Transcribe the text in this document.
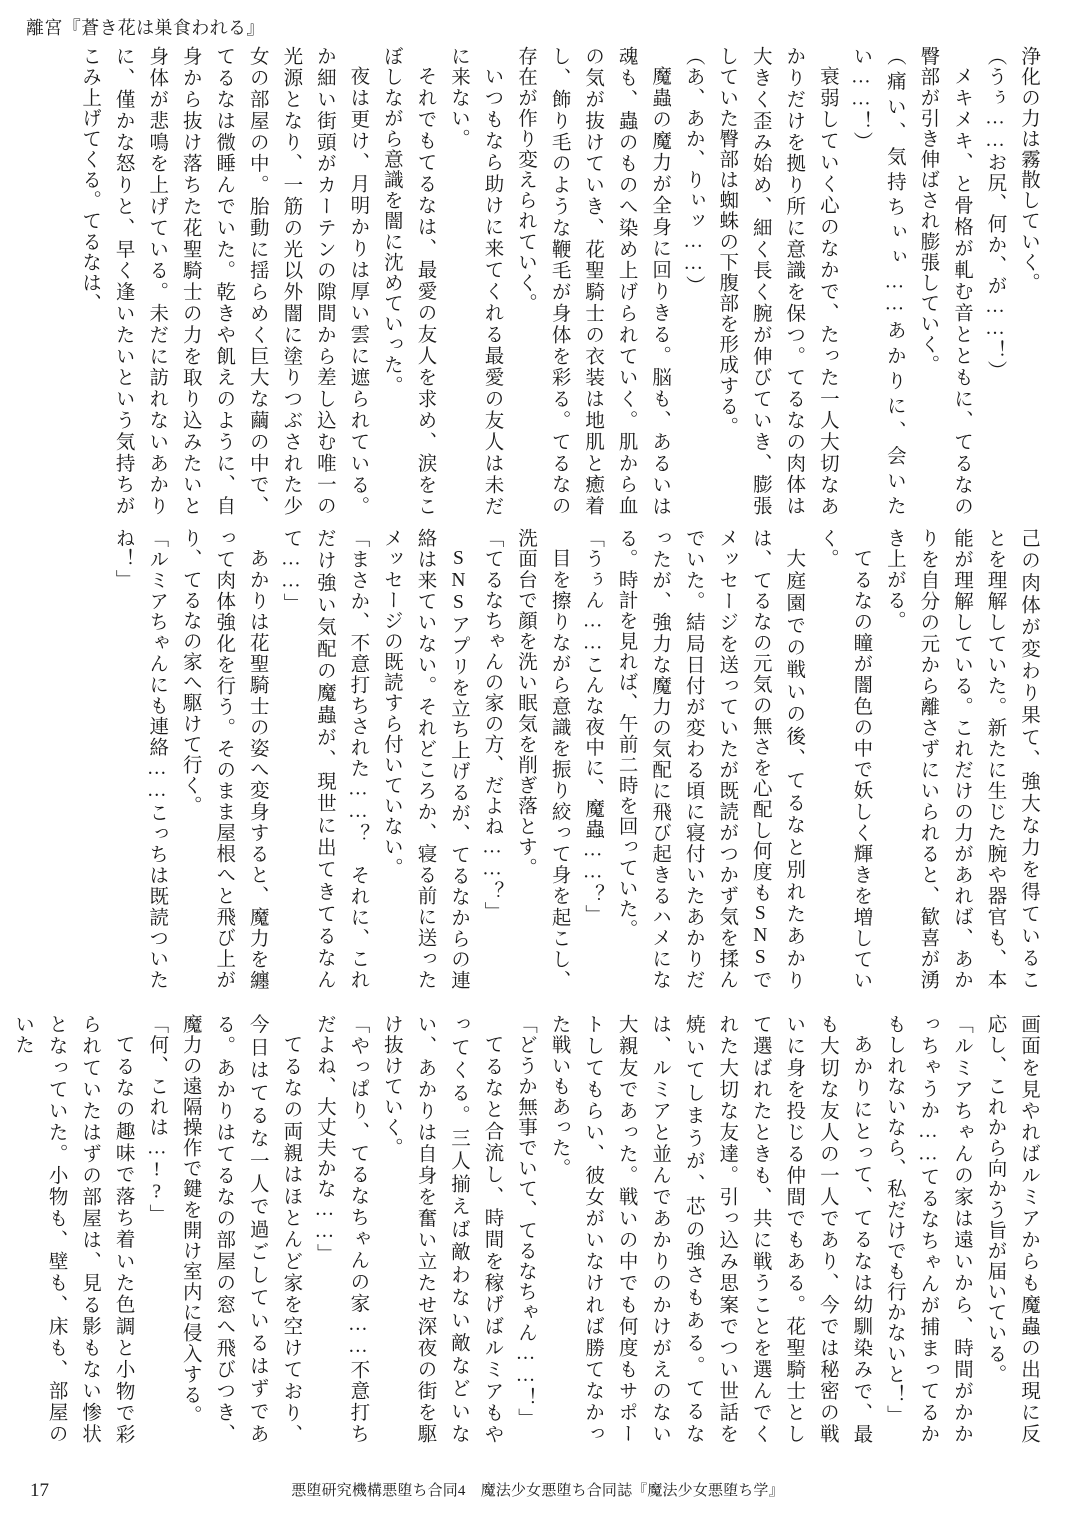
離宮『蒼き花は巣食われる』

浄化の力は霧散していく。

（うぅ……お尻、何か、が……！）

メキメキ、と骨格が軋む音とともに、てるなの臀部が引き伸ばされ膨張していく。

（痛い、気持ちぃぃ……あかりに、会いたい……！）

衰弱していく心のなかで、たった一人大切なあかりだけを拠り所に意識を保つ。てるなの肉体は大きく歪み始め、細く長く腕が伸びていき、膨張していた臀部は蜘蛛の下腹部を形成する。

（あ、あか、りぃッ……）

魔蟲の魔力が全身に回りきる。脳も、あるいは魂も、蟲のものへ染め上げられていく。肌から血の気が抜けていき、花聖騎士の衣装は地肌と癒着し、飾り毛のような鞭毛が身体を彩る。てるなの存在が作り変えられていく。

いつもなら助けに来てくれる最愛の友人は未だに来ない。

それでもてるなは、最愛の友人を求め、涙をこぼしながら意識を闇に沈めていった。

夜は更け、月明かりは厚い雲に遮られている。か細い街頭がカーテンの隙間から差し込む唯一の光源となり、一筋の光以外闇に塗りつぶされた少女の部屋の中。胎動に揺らめく巨大な繭の中で、てるなは微睡んでいた。乾きや飢えのように、自身から抜け落ちた花聖騎士の力を取り込みたいと身体が悲鳴を上げている。未だに訪れないあかりに、僅かな怒りと、早く逢いたいという気持ちがこみ上げてくる。てるなは、

己の肉体が変わり果て、強大な力を得ているこ とを理解していた。新たに生じた腕や器官も、本能が理解している。これだけの力があれば、あかりを自分の元から離さずにいられると、歓喜が湧き上がる。

てるなの瞳が闇色の中で妖しく輝きを増していく。

大庭園での戦いの後、てるなと別れたあかりは、てるなの元気の無さを心配し何度もSNSでメッセージを送っていたが既読がつかず気を揉んでいた。結局日付が変わる頃に寝付いたあかりだったが、強力な魔力の気配に飛び起きるハメになる。時計を見れば、午前二時を回っていた。

「うぅん……こんな夜中に、魔蟲……？」

目を擦りながら意識を振り絞って身を起こし、洗面台で顔を洗い眠気を削ぎ落とす。

「てるなちゃんの家の方、だよね……？」

SNSアプリを立ち上げるが、てるなからの連絡は来ていない。それどころか、寝る前に送ったメッセージの既読すら付いていない。

「まさか、不意打ちされた……？　それに、これだけ強い気配の魔蟲が、現世に出てきてるなんて……」

あかりは花聖騎士の姿へ変身すると、魔力を纏って肉体強化を行う。そのまま屋根へと飛び上がり、てるなの家へ駆けて行く。

「ルミアちゃんにも連絡……こっちは既読ついたね！」

画面を見やればルミアからも魔蟲の出現に反応し、これから向かう旨が届いている。

「ルミアちゃんの家は遠いから、時間がかかっちゃうか……てるなちゃんが捕まってるかもしれないなら、私だけでも行かないと！」

あかりにとって、てるなは幼馴染みで、最も大切な友人の一人であり、今では秘密の戦いに身を投じる仲間でもある。花聖騎士として選ばれたときも、共に戦うことを選んでくれた大切な友達。引っ込み思案でつい世話を焼いてしまうが、芯の強さもある。てるなは、ルミアと並んであかりのかけがえのない大親友であった。戦いの中でも何度もサポートしてもらい、彼女がいなければ勝てなかった戦いもあった。

「どうか無事でいて、てるなちゃん……！」

てるなと合流し、時間を稼げばルミアもやってくる。三人揃えば敵わない敵などいない、あかりは自身を奮い立たせ深夜の街を駆け抜けていく。

「やっぱり、てるなちゃんの家……不意打ちだよね、大丈夫かな……」

てるなの両親はほとんど家を空けており、今日はてるな一人で過ごしているはずである。あかりはてるなの部屋の窓へ飛びつき、魔力の遠隔操作で鍵を開け室内に侵入する。

「何、これは…!?」

てるなの趣味で落ち着いた色調と小物で彩られていたはずの部屋は、見る影もない惨状となっていた。小物も、壁も、床も、部屋のいた

17	悪堕研究機構悪堕ち合同4　魔法少女悪堕ち合同誌『魔法少女悪堕ち学』
